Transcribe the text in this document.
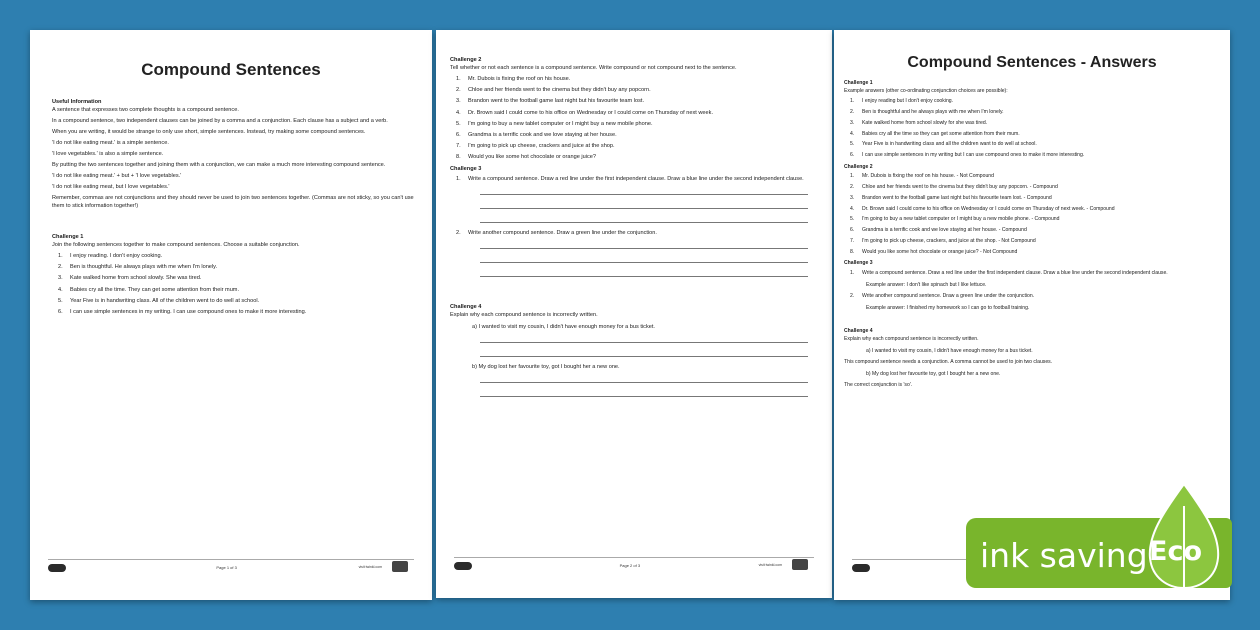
Compound Sentences
Useful Information

A sentence that expresses two complete thoughts is a compound sentence.

In a compound sentence, two independent clauses can be joined by a comma and a conjunction. Each clause has a subject and a verb.

When you are writing, it would be strange to only use short, simple sentences. Instead, try making some compound sentences.

'I do not like eating meat.' is a simple sentence.

'I love vegetables.' is also a simple sentence.

By putting the two sentences together and joining them with a conjunction, we can make a much more interesting compound sentence.

'I do not like eating meat.' + but + 'I love vegetables.'

'I do not like eating meat, but I love vegetables.'

Remember, commas are not conjunctions and they should never be used to join two sentences together. (Commas are not sticky, so you can't use them to stick information together!)

Challenge 1

Join the following sentences together to make compound sentences. Choose a suitable conjunction.

1. I enjoy reading. I don't enjoy cooking.
2. Ben is thoughtful. He always plays with me when I'm lonely.
3. Kate walked home from school slowly. She was tired.
4. Babies cry all the time. They can get some attention from their mum.
5. Year Five is in handwriting class. All of the children went to do well at school.
6. I can use simple sentences in my writing. I can use compound ones to make it more interesting.
Page 1 of 3	visit twinkl.com
Challenge 2

Tell whether or not each sentence is a compound sentence. Write compound or not compound next to the sentence.

1. Mr. Dubois is fixing the roof on his house.
2. Chloe and her friends went to the cinema but they didn't buy any popcorn.
3. Brandon went to the football game last night but his favourite team lost.
4. Dr. Brown said I could come to his office on Wednesday or I could come on Thursday of next week.
5. I'm going to buy a new tablet computer or I might buy a new mobile phone.
6. Grandma is a terrific cook and we love staying at her house.
7. I'm going to pick up cheese, crackers and juice at the shop.
8. Would you like some hot chocolate or orange juice?
Challenge 3
1. Write a compound sentence. Draw a red line under the first independent clause. Draw a blue line under the second independent clause.
2. Write another compound sentence. Draw a green line under the conjunction.
Challenge 4

Explain why each compound sentence is incorrectly written.

a) I wanted to visit my cousin, I didn't have enough money for a bus ticket.
b) My dog lost her favourite toy, got I bought her a new one.
Page 2 of 3	visit twinkl.com
Compound Sentences - Answers
Challenge 1

Example answers (other co-ordinating conjunction choices are possible):

1. I enjoy reading but I don't enjoy cooking.
2. Ben is thoughtful and he always plays with me when I'm lonely.
3. Kate walked home from school slowly for she was tired.
4. Babies cry all the time so they can get some attention from their mum.
5. Year Five is in handwriting class and all the children want to do well at school.
6. I can use simple sentences in my writing but I can use compound ones to make it more interesting.
Challenge 2
1. Mr. Dubois is fixing the roof on his house. - Not Compound
2. Chloe and her friends went to the cinema but they didn't buy any popcorn. - Compound
3. Brandon went to the football game last night but his favourite team lost. - Compound
4. Dr. Brown said I could come to his office on Wednesday or I could come on Thursday of next week. - Compound
5. I'm going to buy a new tablet computer or I might buy a new mobile phone. - Compound
6. Grandma is a terrific cook and we love staying at her house. - Compound
7. I'm going to pick up cheese, crackers, and juice at the shop. - Not Compound
8. Would you like some hot chocolate or orange juice? - Not Compound
Challenge 3
1. Write a compound sentence. Draw a red line under the first independent clause. Draw a blue line under the second independent clause.
Example answer: I don't like spinach but I like lettuce.
2. Write another compound sentence. Draw a green line under the conjunction.
Example answer: I finished my homework so I can go to football training.
Challenge 4

Explain why each compound sentence is incorrectly written.

a) I wanted to visit my cousin, I didn't have enough money for a bus ticket.

This compound sentence needs a conjunction. A comma cannot be used to join two clauses.

b) My dog lost her favourite toy, got I bought her a new one.

The correct conjunction is 'so'.

ink saving Eco
